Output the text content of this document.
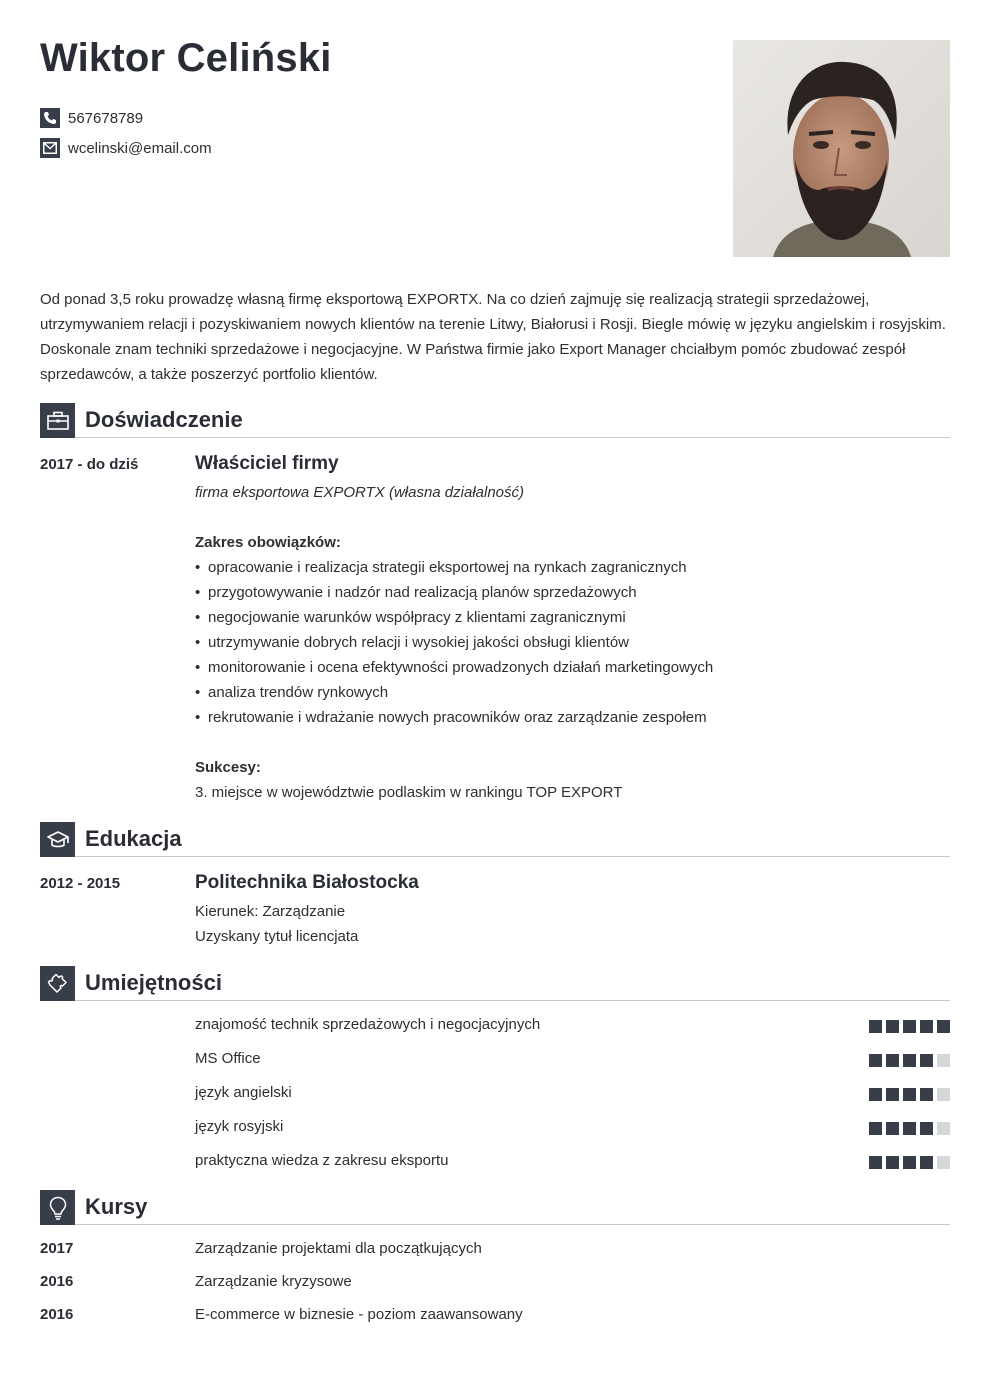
Wiktor Celiński
567678789
wcelinski@email.com

Od ponad 3,5 roku prowadzę własną firmę eksportową EXPORTX. Na co dzień zajmuję się realizacją strategii sprzedażowej, utrzymywaniem relacji i pozyskiwaniem nowych klientów na terenie Litwy, Białorusi i Rosji. Biegle mówię w języku angielskim i rosyjskim. Doskonale znam techniki sprzedażowe i negocjacyjne. W Państwa firmie jako Export Manager chciałbym pomóc zbudować zespół sprzedawców, a także poszerzyć portfolio klientów.

Doświadczenie
2017 - do dziś	Właściciel firmy
firma eksportowa EXPORTX (własna działalność)
Zakres obowiązków:
• opracowanie i realizacja strategii eksportowej na rynkach zagranicznych
• przygotowywanie i nadzór nad realizacją planów sprzedażowych
• negocjowanie warunków współpracy z klientami zagranicznymi
• utrzymywanie dobrych relacji i wysokiej jakości obsługi klientów
• monitorowanie i ocena efektywności prowadzonych działań marketingowych
• analiza trendów rynkowych
• rekrutowanie i wdrażanie nowych pracowników oraz zarządzanie zespołem
Sukcesy:
3. miejsce w województwie podlaskim w rankingu TOP EXPORT
Edukacja
2012 - 2015	Politechnika Białostocka
Kierunek: Zarządzanie
Uzyskany tytuł licencjata
Umiejętności
znajomość technik sprzedażowych i negocjacyjnych
MS Office
język angielski
język rosyjski
praktyczna wiedza z zakresu eksportu
Kursy
2017	Zarządzanie projektami dla początkujących
2016	Zarządzanie kryzysowe
2016	E-commerce w biznesie - poziom zaawansowany
